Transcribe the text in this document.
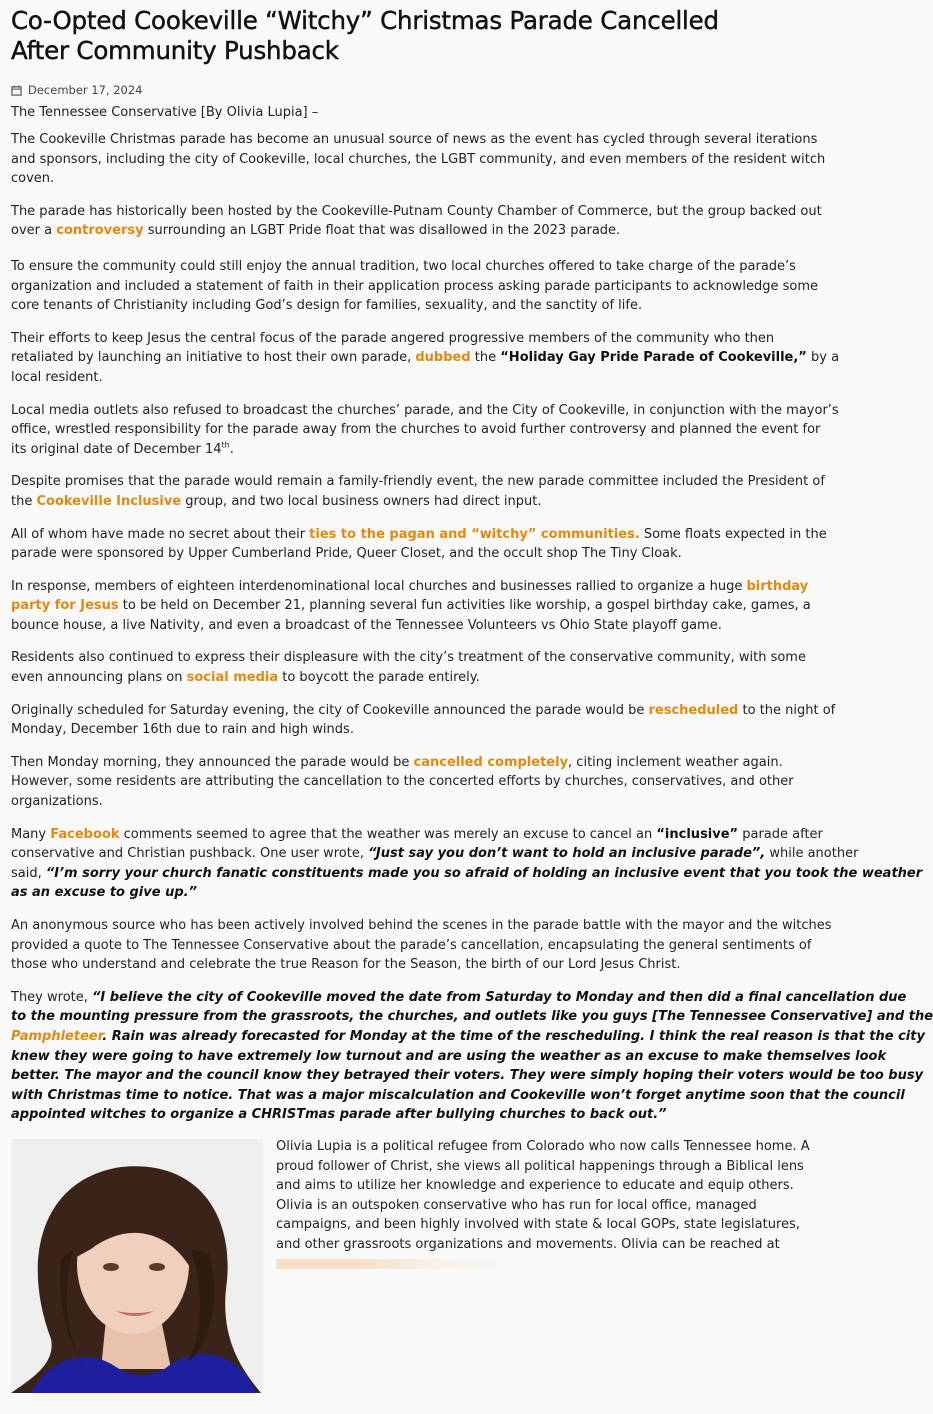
Co-Opted Cookeville “Witchy” Christmas Parade Cancelled
After Community Pushback
December 17, 2024
The Tennessee Conservative [By Olivia Lupia] –

The Cookeville Christmas parade has become an unusual source of news as the event has cycled through several iterations
and sponsors, including the city of Cookeville, local churches, the LGBT community, and even members of the resident witch
coven.

The parade has historically been hosted by the Cookeville-Putnam County Chamber of Commerce, but the group backed out
over a controversy surrounding an LGBT Pride float that was disallowed in the 2023 parade.

To ensure the community could still enjoy the annual tradition, two local churches offered to take charge of the parade’s
organization and included a statement of faith in their application process asking parade participants to acknowledge some
core tenants of Christianity including God’s design for families, sexuality, and the sanctity of life.

Their efforts to keep Jesus the central focus of the parade angered progressive members of the community who then
retaliated by launching an initiative to host their own parade, dubbed the “Holiday Gay Pride Parade of Cookeville,” by a
local resident.

Local media outlets also refused to broadcast the churches’ parade, and the City of Cookeville, in conjunction with the mayor’s
office, wrestled responsibility for the parade away from the churches to avoid further controversy and planned the event for
its original date of December 14th.

Despite promises that the parade would remain a family-friendly event, the new parade committee included the President of
the Cookeville Inclusive group, and two local business owners had direct input.

All of whom have made no secret about their ties to the pagan and “witchy” communities. Some floats expected in the
parade were sponsored by Upper Cumberland Pride, Queer Closet, and the occult shop The Tiny Cloak.

In response, members of eighteen interdenominational local churches and businesses rallied to organize a huge birthday
party for Jesus to be held on December 21, planning several fun activities like worship, a gospel birthday cake, games, a
bounce house, a live Nativity, and even a broadcast of the Tennessee Volunteers vs Ohio State playoff game.

Residents also continued to express their displeasure with the city’s treatment of the conservative community, with some
even announcing plans on social media to boycott the parade entirely.

Originally scheduled for Saturday evening, the city of Cookeville announced the parade would be rescheduled to the night of
Monday, December 16th due to rain and high winds.

Then Monday morning, they announced the parade would be cancelled completely, citing inclement weather again.
However, some residents are attributing the cancellation to the concerted efforts by churches, conservatives, and other
organizations.

Many Facebook comments seemed to agree that the weather was merely an excuse to cancel an “inclusive” parade after
conservative and Christian pushback. One user wrote, “Just say you don’t want to hold an inclusive parade”, while another
said, “I’m sorry your church fanatic constituents made you so afraid of holding an inclusive event that you took the weather
as an excuse to give up.”

An anonymous source who has been actively involved behind the scenes in the parade battle with the mayor and the witches
provided a quote to The Tennessee Conservative about the parade’s cancellation, encapsulating the general sentiments of
those who understand and celebrate the true Reason for the Season, the birth of our Lord Jesus Christ.

They wrote, “I believe the city of Cookeville moved the date from Saturday to Monday and then did a final cancellation due
to the mounting pressure from the grassroots, the churches, and outlets like you guys [The Tennessee Conservative] and the
Pamphleteer. Rain was already forecasted for Monday at the time of the rescheduling. I think the real reason is that the city
knew they were going to have extremely low turnout and are using the weather as an excuse to make themselves look
better. The mayor and the council know they betrayed their voters. They were simply hoping their voters would be too busy
with Christmas time to notice. That was a major miscalculation and Cookeville won’t forget anytime soon that the council
appointed witches to organize a CHRISTmas parade after bullying churches to back out.”

Olivia Lupia is a political refugee from Colorado who now calls Tennessee home. A
proud follower of Christ, she views all political happenings through a Biblical lens
and aims to utilize her knowledge and experience to educate and equip others.
Olivia is an outspoken conservative who has run for local office, managed
campaigns, and been highly involved with state & local GOPs, state legislatures,
and other grassroots organizations and movements. Olivia can be reached at
